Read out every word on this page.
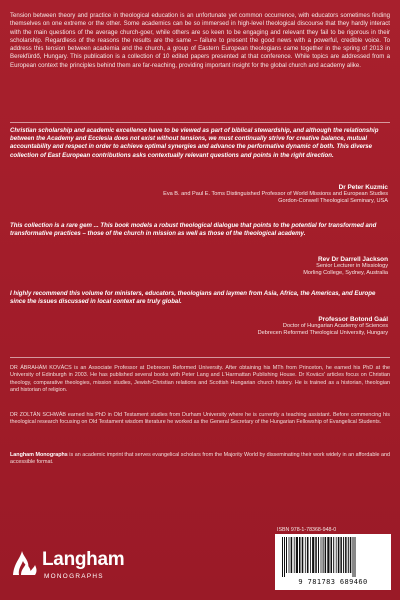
Tension between theory and practice in theological education is an unfortunate yet common occurrence, with educators sometimes finding themselves on one extreme or the other. Some academics can be so immersed in high-level theological discourse that they hardly interact with the main questions of the average church-goer, while others are so keen to be engaging and relevant they fail to be rigorous in their scholarship. Regardless of the reasons the results are the same – failure to present the good news with a powerful, credible voice. To address this tension between academia and the church, a group of Eastern European theologians came together in the spring of 2013 in Berekfürdő, Hungary. This publication is a collection of 10 edited papers presented at that conference. While topics are addressed from a European context the principles behind them are far-reaching, providing important insight for the global church and academy alike.
Christian scholarship and academic excellence have to be viewed as part of biblical stewardship, and although the relationship between the Academy and Ecclesia does not exist without tensions, we must continually strive for creative balance, mutual accountability and respect in order to achieve optimal synergies and advance the performative dynamic of both. This diverse collection of East European contributions asks contextually relevant questions and points in the right direction.
Dr Peter Kuzmic
Eva B. and Paul E. Toms Distinguished Professor of World Missions and European Studies
Gordon-Conwell Theological Seminary, USA
This collection is a rare gem ... This book models a robust theological dialogue that points to the potential for transformed and transformative practices – those of the church in mission as well as those of the theological academy.
Rev Dr Darrell Jackson
Senior Lecturer in Missiology
Morling College, Sydney, Australia
I highly recommend this volume for ministers, educators, theologians and laymen from Asia, Africa, the Americas, and Europe since the issues discussed in local context are truly global.
Professor Botond Gaál
Doctor of Hungarian Academy of Sciences
Debrecen Reformed Theological University, Hungary
DR ÁBRAHÁM KOVÁCS is an Associate Professor at Debrecen Reformed University. After obtaining his MTh from Princeton, he earned his PhD at the University of Edinburgh in 2003. He has published several books with Peter Lang and L'Harmattan Publishing House. Dr Kovács' articles focus on Christian theology, comparative theologies, mission studies, Jewish-Christian relations and Scottish Hungarian church history. He is trained as a historian, theologian and historian of religion.
DR ZOLTÁN SCHWÁB earned his PhD in Old Testament studies from Durham University where he is currently a teaching assistant. Before commencing his theological research focusing on Old Testament wisdom literature he worked as the General Secretary of the Hungarian Fellowship of Evangelical Students.
Langham Monographs is an academic imprint that serves evangelical scholars from the Majority World by disseminating their work widely in an affordable and accessible format.
Langham
MONOGRAPHS
ISBN 978-1-78368-948-0
9 781783 689460
